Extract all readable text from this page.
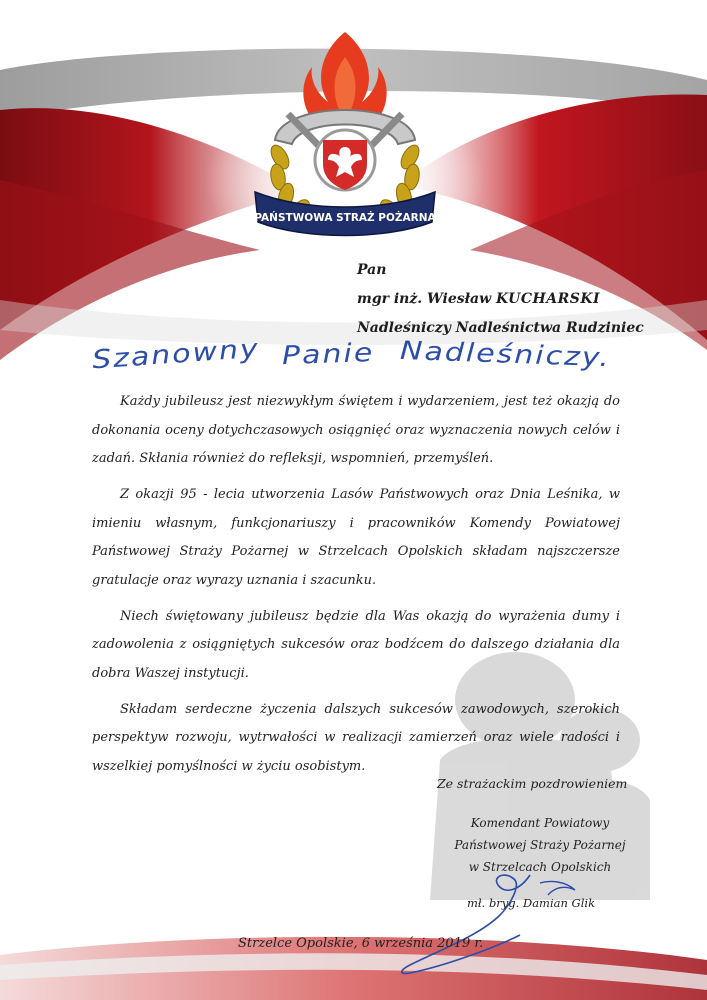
PAŃSTWOWA STRAŻ POŻARNA
Pan
mgr inż. Wiesław KUCHARSKI
Nadleśniczy Nadleśnictwa Rudziniec
Szanowny Panie Nadleśniczy.

Każdy jubileusz jest niezwykłym świętem i wydarzeniem, jest też okazją do dokonania oceny dotychczasowych osiągnięć oraz wyznaczenia nowych celów i zadań. Skłania również do refleksji, wspomnień, przemyśleń.

Z okazji 95 - lecia utworzenia Lasów Państwowych oraz Dnia Leśnika, w imieniu własnym, funkcjonariuszy i pracowników Komendy Powiatowej Państwowej Straży Pożarnej w Strzelcach Opolskich składam najszczersze gratulacje oraz wyrazy uznania i szacunku.

Niech świętowany jubileusz będzie dla Was okazją do wyrażenia dumy i zadowolenia z osiągniętych sukcesów oraz bodźcem do dalszego działania dla dobra Waszej instytucji.

Składam serdeczne życzenia dalszych sukcesów zawodowych, szerokich perspektyw rozwoju, wytrwałości w realizacji zamierzeń oraz wiele radości i wszelkiej pomyślności w życiu osobistym.

Ze strażackim pozdrowieniem
Komendant Powiatowy
Państwowej Straży Pożarnej
w Strzelcach Opolskich
mł. bryg. Damian Glik
Strzelce Opolskie, 6 września 2019 r.
